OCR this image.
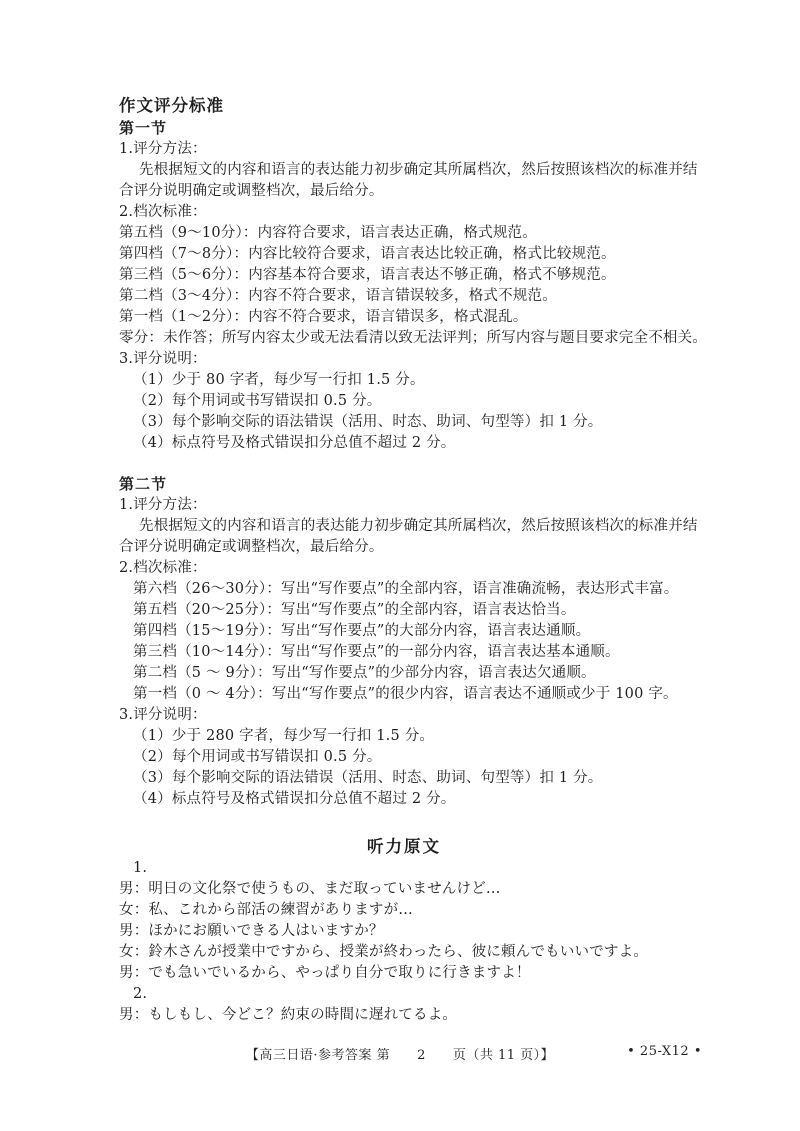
作文评分标准
第一节
1.评分方法：
先根据短文的内容和语言的表达能力初步确定其所属档次，然后按照该档次的标准并结
合评分说明确定或调整档次，最后给分。
2.档次标准：
第五档（9～10分）：内容符合要求，语言表达正确，格式规范。
第四档（7～8分）：内容比较符合要求，语言表达比较正确，格式比较规范。
第三档（5～6分）：内容基本符合要求，语言表达不够正确，格式不够规范。
第二档（3～4分）：内容不符合要求，语言错误较多，格式不规范。
第一档（1～2分）：内容不符合要求，语言错误多，格式混乱。
零分：未作答；所写内容太少或无法看清以致无法评判；所写内容与题目要求完全不相关。
3.评分说明：
（1）少于 80 字者，每少写一行扣 1.5 分。
（2）每个用词或书写错误扣 0.5 分。
（3）每个影响交际的语法错误（活用、时态、助词、句型等）扣 1 分。
（4）标点符号及格式错误扣分总值不超过 2 分。
第二节
1.评分方法：
先根据短文的内容和语言的表达能力初步确定其所属档次，然后按照该档次的标准并结
合评分说明确定或调整档次，最后给分。
2.档次标准：
第六档（26～30分）：写出“写作要点”的全部内容，语言准确流畅，表达形式丰富。
第五档（20～25分）：写出“写作要点”的全部内容，语言表达恰当。
第四档（15～19分）：写出“写作要点”的大部分内容，语言表达通顺。
第三档（10～14分）：写出“写作要点”的一部分内容，语言表达基本通顺。
第二档（5 ～ 9分）：写出“写作要点”的少部分内容，语言表达欠通顺。
第一档（0 ～ 4分）：写出“写作要点”的很少内容，语言表达不通顺或少于 100 字。
3.评分说明：
（1）少于 280 字者，每少写一行扣 1.5 分。
（2）每个用词或书写错误扣 0.5 分。
（3）每个影响交际的语法错误（活用、时态、助词、句型等）扣 1 分。
（4）标点符号及格式错误扣分总值不超过 2 分。
听力原文
1.
男：明日の文化祭で使うもの、まだ取っていませんけど…
女：私、これから部活の練習がありますが…
男：ほかにお願いできる人はいますか？
女：鈴木さんが授業中ですから、授業が終わったら、彼に頼んでもいいですよ。
男：でも急いでいるから、やっぱり自分で取りに行きますよ！
2.
男：もしもし、今どこ？約束の時間に遅れてるよ。
【高三日语·参考答案 第　　2　　页（共 11 页）】	• 25-X12 •
